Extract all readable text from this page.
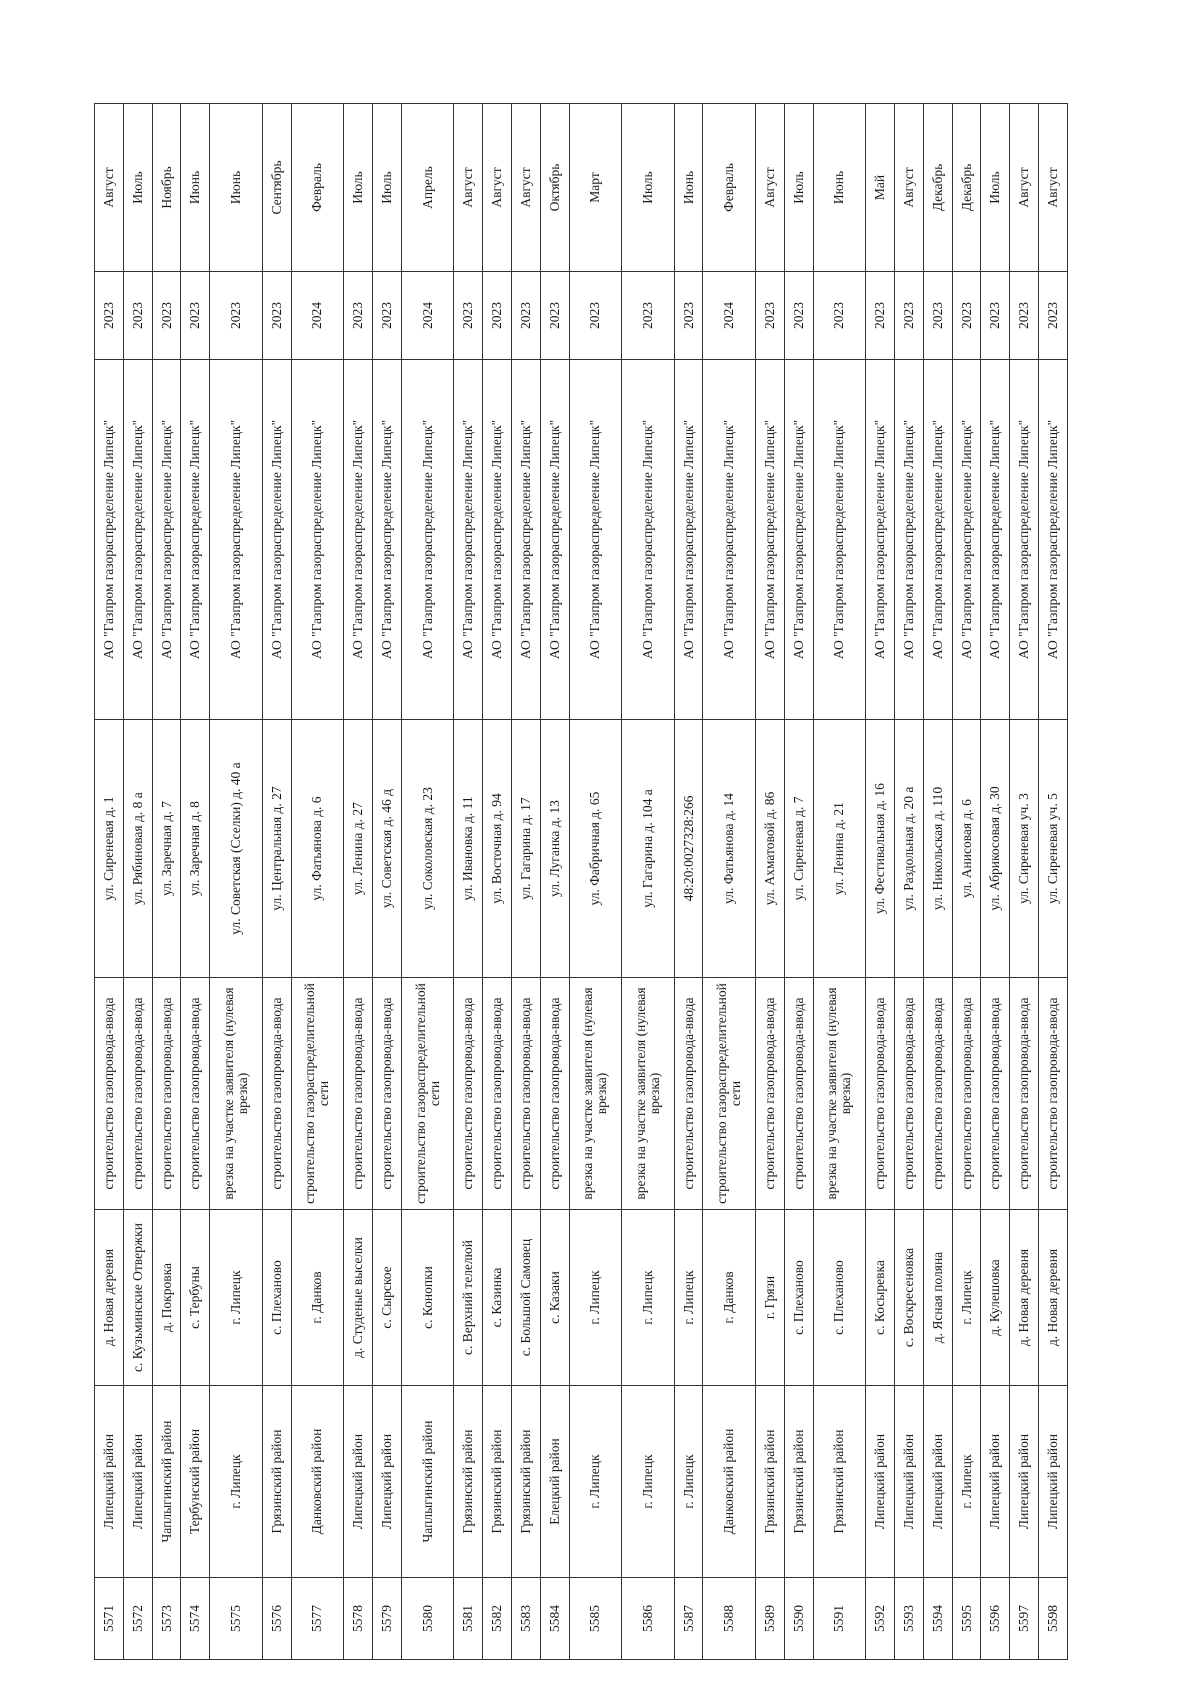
5571	Липецкий район	д. Новая деревня	строительство газопровода-ввода	ул. Сиреневая д. 1	АО "Газпром газораспределение Липецк"	2023	Август
5572	Липецкий район	с. Кузьминские Отвержки	строительство газопровода-ввода	ул. Рябиновая д. 8 а	АО "Газпром газораспределение Липецк"	2023	Июль
5573	Чаплыгинский район	д. Покровка	строительство газопровода-ввода	ул. Заречная д. 7	АО "Газпром газораспределение Липецк"	2023	Ноябрь
5574	Тербунский район	с. Тербуны	строительство газопровода-ввода	ул. Заречная д. 8	АО "Газпром газораспределение Липецк"	2023	Июнь
5575	г. Липецк	г. Липецк	врезка на участке заявителя (нулевая врезка)	ул. Советская (Сселки) д. 40 а	АО "Газпром газораспределение Липецк"	2023	Июнь
5576	Грязинский район	с. Плеханово	строительство газопровода-ввода	ул. Центральная д. 27	АО "Газпром газораспределение Липецк"	2023	Сентябрь
5577	Данковский район	г. Данков	строительство газораспределительной сети	ул. Фатьянова д. 6	АО "Газпром газораспределение Липецк"	2024	Февраль
5578	Липецкий район	д. Студеные выселки	строительство газопровода-ввода	ул. Ленина д. 27	АО "Газпром газораспределение Липецк"	2023	Июль
5579	Липецкий район	с. Сырское	строительство газопровода-ввода	ул. Советская д. 46 д	АО "Газпром газораспределение Липецк"	2023	Июль
5580	Чаплыгинский район	с. Конопки	строительство газораспределительной сети	ул. Соколовская д. 23	АО "Газпром газораспределение Липецк"	2024	Апрель
5581	Грязинский район	с. Верхний телелюй	строительство газопровода-ввода	ул. Ивановка д. 11	АО "Газпром газораспределение Липецк"	2023	Август
5582	Грязинский район	с. Казинка	строительство газопровода-ввода	ул. Восточная д. 94	АО "Газпром газораспределение Липецк"	2023	Август
5583	Грязинский район	с. Большой Самовец	строительство газопровода-ввода	ул. Гагарина д. 17	АО "Газпром газораспределение Липецк"	2023	Август
5584	Елецкий район	с. Казаки	строительство газопровода-ввода	ул. Луганка д. 13	АО "Газпром газораспределение Липецк"	2023	Октябрь
5585	г. Липецк	г. Липецк	врезка на участке заявителя (нулевая врезка)	ул. Фабричная д. 65	АО "Газпром газораспределение Липецк"	2023	Март
5586	г. Липецк	г. Липецк	врезка на участке заявителя (нулевая врезка)	ул. Гагарина д. 104 а	АО "Газпром газораспределение Липецк"	2023	Июль
5587	г. Липецк	г. Липецк	строительство газопровода-ввода	48:20:0027328:266	АО "Газпром газораспределение Липецк"	2023	Июнь
5588	Данковский район	г. Данков	строительство газораспределительной сети	ул. Фатьянова д. 14	АО "Газпром газораспределение Липецк"	2024	Февраль
5589	Грязинский район	г. Грязи	строительство газопровода-ввода	ул. Ахматовой д. 86	АО "Газпром газораспределение Липецк"	2023	Август
5590	Грязинский район	с. Плеханово	строительство газопровода-ввода	ул. Сиреневая д. 7	АО "Газпром газораспределение Липецк"	2023	Июль
5591	Грязинский район	с. Плеханово	врезка на участке заявителя (нулевая врезка)	ул. Ленина д. 21	АО "Газпром газораспределение Липецк"	2023	Июнь
5592	Липецкий район	с. Косыревка	строительство газопровода-ввода	ул. Фестивальная д. 16	АО "Газпром газораспределение Липецк"	2023	Май
5593	Липецкий район	с. Воскресеновка	строительство газопровода-ввода	ул. Раздольная д. 20 а	АО "Газпром газораспределение Липецк"	2023	Август
5594	Липецкий район	д. Ясная поляна	строительство газопровода-ввода	ул. Никольская д. 110	АО "Газпром газораспределение Липецк"	2023	Декабрь
5595	г. Липецк	г. Липецк	строительство газопровода-ввода	ул. Анисовая д. 6	АО "Газпром газораспределение Липецк"	2023	Декабрь
5596	Липецкий район	д. Кулешовка	строительство газопровода-ввода	ул. Абрикосовая д. 30	АО "Газпром газораспределение Липецк"	2023	Июль
5597	Липецкий район	д. Новая деревня	строительство газопровода-ввода	ул. Сиреневая уч. 3	АО "Газпром газораспределение Липецк"	2023	Август
5598	Липецкий район	д. Новая деревня	строительство газопровода-ввода	ул. Сиреневая уч. 5	АО "Газпром газораспределение Липецк"	2023	Август
